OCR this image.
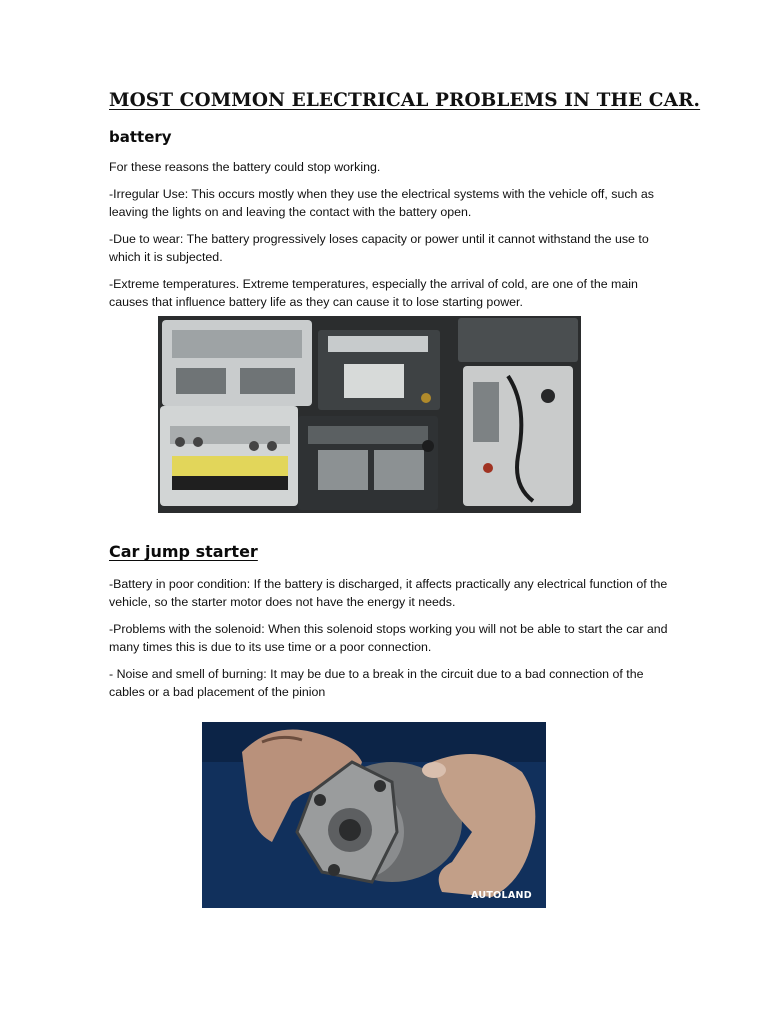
MOST COMMON ELECTRICAL PROBLEMS IN THE CAR.
battery

For these reasons the battery could stop working.

-Irregular Use: This occurs mostly when they use the electrical systems with the vehicle off, such as leaving the lights on and leaving the contact with the battery open.

-Due to wear: The battery progressively loses capacity or power until it cannot withstand the use to which it is subjected.

-Extreme temperatures. Extreme temperatures, especially the arrival of cold, are one of the main causes that influence battery life as they can cause it to lose starting power.

Car jump starter

-Battery in poor condition: If the battery is discharged, it affects practically any electrical function of the vehicle, so the starter motor does not have the energy it needs.

-Problems with the solenoid: When this solenoid stops working you will not be able to start the car and many times this is due to its use time or a poor connection.

- Noise and smell of burning: It may be due to a break in the circuit due to a bad connection of the cables or a bad placement of the pinion

AUTOLAND
